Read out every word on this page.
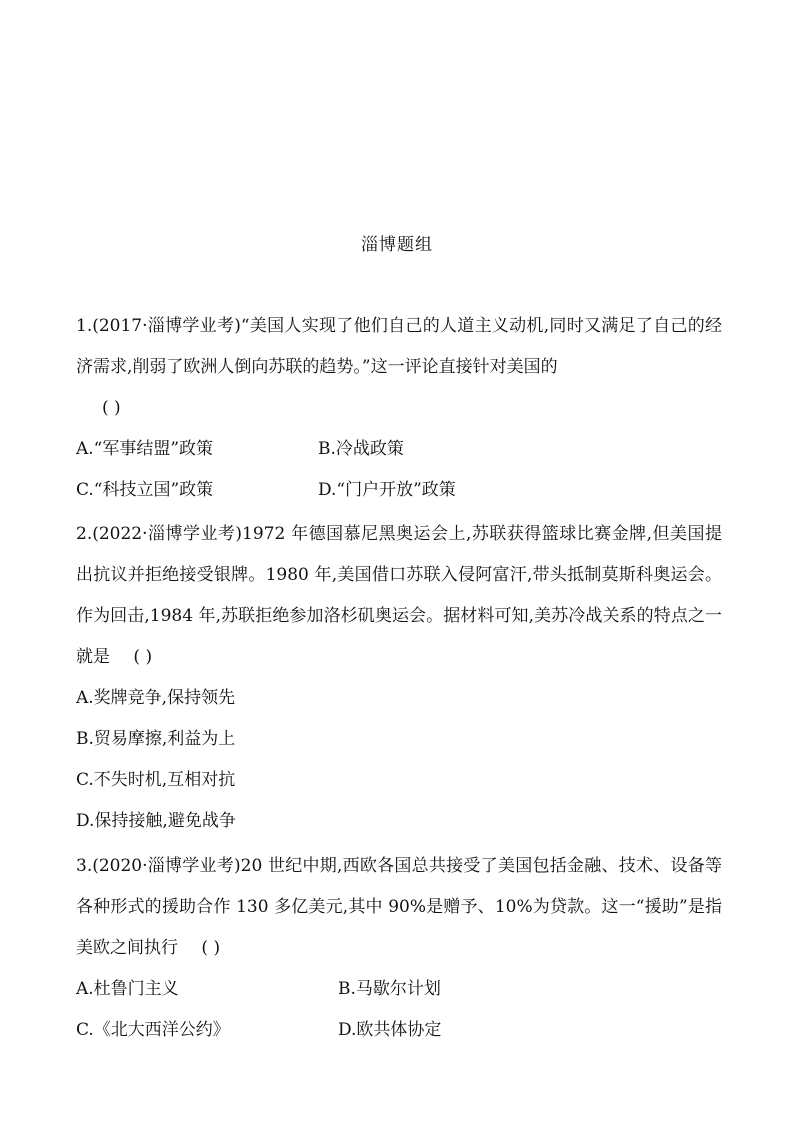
淄博题组
1.(2017·淄博学业考)“美国人实现了他们自己的人道主义动机,同时又满足了自己的经济需求,削弱了欧洲人倒向苏联的趋势。”这一评论直接针对美国的
( )
A.“军事结盟”政策	B.冷战政策
C.“科技立国”政策	D.“门户开放”政策
2.(2022·淄博学业考)1972 年德国慕尼黑奥运会上,苏联获得篮球比赛金牌,但美国提出抗议并拒绝接受银牌。1980 年,美国借口苏联入侵阿富汗,带头抵制莫斯科奥运会。作为回击,1984 年,苏联拒绝参加洛杉矶奥运会。据材料可知,美苏冷战关系的特点之一就是 ( )
A.奖牌竞争,保持领先
B.贸易摩擦,利益为上
C.不失时机,互相对抗
D.保持接触,避免战争
3.(2020·淄博学业考)20 世纪中期,西欧各国总共接受了美国包括金融、技术、设备等各种形式的援助合作 130 多亿美元,其中 90%是赠予、10%为贷款。这一“援助”是指美欧之间执行 ( )
A.杜鲁门主义	B.马歇尔计划
C.《北大西洋公约》	D.欧共体协定
